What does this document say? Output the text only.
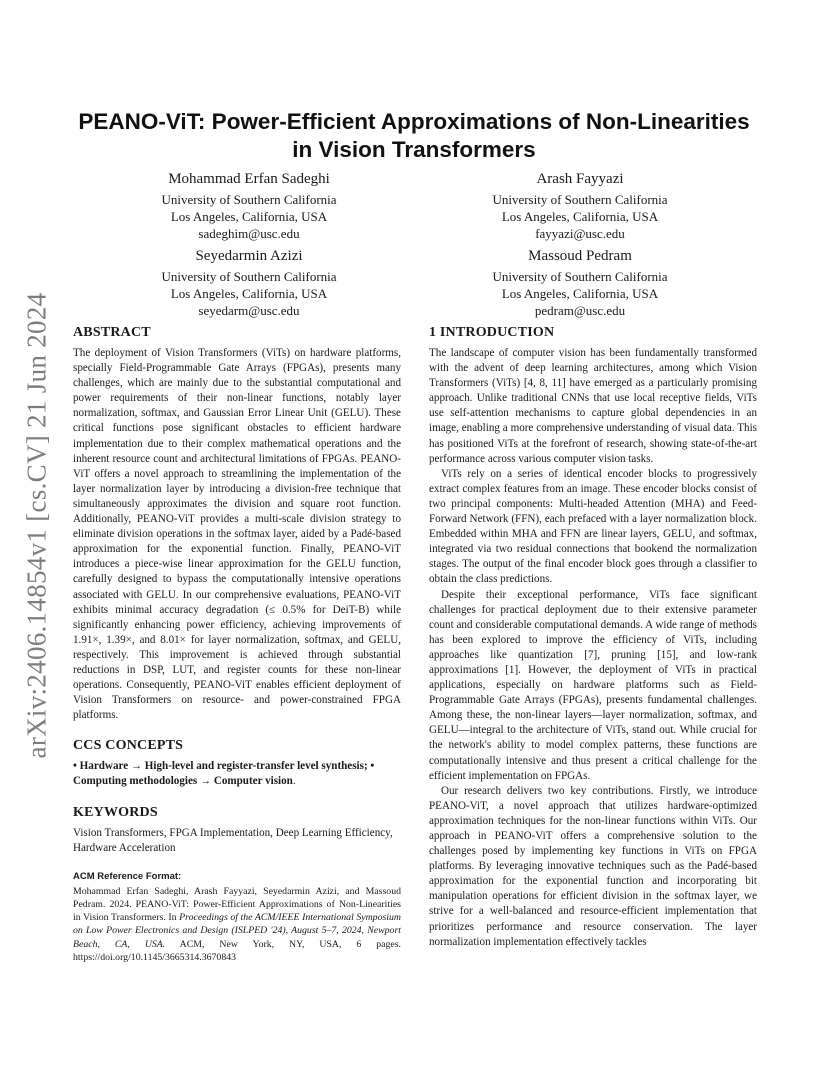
arXiv:2406.14854v1 [cs.CV] 21 Jun 2024
PEANO-ViT: Power-Efficient Approximations of Non-Linearities
in Vision Transformers
Mohammad Erfan Sadeghi
University of Southern California
Los Angeles, California, USA
sadeghim@usc.edu
Arash Fayyazi
University of Southern California
Los Angeles, California, USA
fayyazi@usc.edu
Seyedarmin Azizi
University of Southern California
Los Angeles, California, USA
seyedarm@usc.edu
Massoud Pedram
University of Southern California
Los Angeles, California, USA
pedram@usc.edu
ABSTRACT

The deployment of Vision Transformers (ViTs) on hardware platforms, specially Field-Programmable Gate Arrays (FPGAs), presents many challenges, which are mainly due to the substantial computational and power requirements of their non-linear functions, notably layer normalization, softmax, and Gaussian Error Linear Unit (GELU). These critical functions pose significant obstacles to efficient hardware implementation due to their complex mathematical operations and the inherent resource count and architectural limitations of FPGAs. PEANO-ViT offers a novel approach to streamlining the implementation of the layer normalization layer by introducing a division-free technique that simultaneously approximates the division and square root function. Additionally, PEANO-ViT provides a multi-scale division strategy to eliminate division operations in the softmax layer, aided by a Padé-based approximation for the exponential function. Finally, PEANO-ViT introduces a piece-wise linear approximation for the GELU function, carefully designed to bypass the computationally intensive operations associated with GELU. In our comprehensive evaluations, PEANO-ViT exhibits minimal accuracy degradation (≤ 0.5% for DeiT-B) while significantly enhancing power efficiency, achieving improvements of 1.91×, 1.39×, and 8.01× for layer normalization, softmax, and GELU, respectively. This improvement is achieved through substantial reductions in DSP, LUT, and register counts for these non-linear operations. Consequently, PEANO-ViT enables efficient deployment of Vision Transformers on resource- and power-constrained FPGA platforms.

CCS CONCEPTS

• Hardware → High-level and register-transfer level synthesis; • Computing methodologies → Computer vision.

KEYWORDS

Vision Transformers, FPGA Implementation, Deep Learning Efficiency, Hardware Acceleration

ACM Reference Format:

Mohammad Erfan Sadeghi, Arash Fayyazi, Seyedarmin Azizi, and Massoud Pedram. 2024. PEANO-ViT: Power-Efficient Approximations of Non-Linearities in Vision Transformers. In Proceedings of the ACM/IEEE International Symposium on Low Power Electronics and Design (ISLPED '24), August 5–7, 2024, Newport Beach, CA, USA. ACM, New York, NY, USA, 6 pages. https://doi.org/10.1145/3665314.3670843

1 INTRODUCTION

The landscape of computer vision has been fundamentally transformed with the advent of deep learning architectures, among which Vision Transformers (ViTs) [4, 8, 11] have emerged as a particularly promising approach. Unlike traditional CNNs that use local receptive fields, ViTs use self-attention mechanisms to capture global dependencies in an image, enabling a more comprehensive understanding of visual data. This has positioned ViTs at the forefront of research, showing state-of-the-art performance across various computer vision tasks.

ViTs rely on a series of identical encoder blocks to progressively extract complex features from an image. These encoder blocks consist of two principal components: Multi-headed Attention (MHA) and Feed-Forward Network (FFN), each prefaced with a layer normalization block. Embedded within MHA and FFN are linear layers, GELU, and softmax, integrated via two residual connections that bookend the normalization stages. The output of the final encoder block goes through a classifier to obtain the class predictions.

Despite their exceptional performance, ViTs face significant challenges for practical deployment due to their extensive parameter count and considerable computational demands. A wide range of methods has been explored to improve the efficiency of ViTs, including approaches like quantization [7], pruning [15], and low-rank approximations [1]. However, the deployment of ViTs in practical applications, especially on hardware platforms such as Field-Programmable Gate Arrays (FPGAs), presents fundamental challenges. Among these, the non-linear layers—layer normalization, softmax, and GELU—integral to the architecture of ViTs, stand out. While crucial for the network's ability to model complex patterns, these functions are computationally intensive and thus present a critical challenge for the efficient implementation on FPGAs.

Our research delivers two key contributions. Firstly, we introduce PEANO-ViT, a novel approach that utilizes hardware-optimized approximation techniques for the non-linear functions within ViTs. Our approach in PEANO-ViT offers a comprehensive solution to the challenges posed by implementing key functions in ViTs on FPGA platforms. By leveraging innovative techniques such as the Padé-based approximation for the exponential function and incorporating bit manipulation operations for efficient division in the softmax layer, we strive for a well-balanced and resource-efficient implementation that prioritizes performance and resource conservation. The layer normalization implementation effectively tackles
